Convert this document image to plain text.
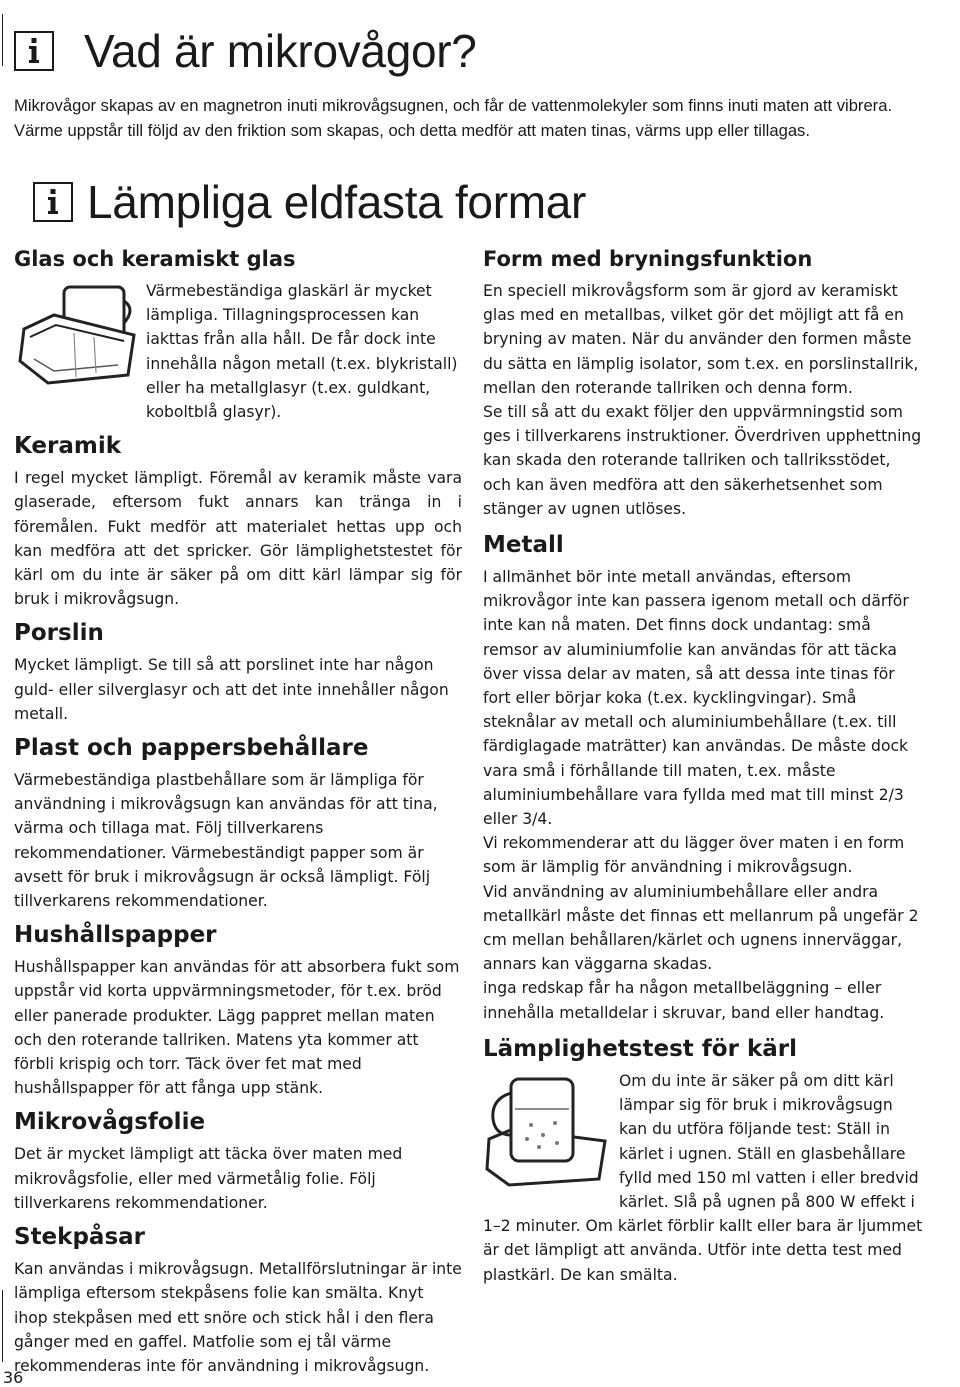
Vad är mikrovågor?
Mikrovågor skapas av en magnetron inuti mikrovågsugnen, och får de vattenmolekyler som finns inuti maten att vibrera. Värme uppstår till följd av den friktion som skapas, och detta medför att maten tinas, värms upp eller tillagas.
Lämpliga eldfasta formar
Glas och keramiskt glas

Värmebeständiga glaskärl är mycket lämpliga. Tillagningsprocessen kan iakttas från alla håll. De får dock inte innehålla någon metall (t.ex. blykristall) eller ha metallglasyr (t.ex. guldkant, koboltblå glasyr).

Keramik

I regel mycket lämpligt. Föremål av keramik måste vara glaserade, eftersom fukt annars kan tränga in i föremålen. Fukt medför att materialet hettas upp och kan medföra att det spricker. Gör lämplighetstestet för kärl om du inte är säker på om ditt kärl lämpar sig för bruk i mikrovågsugn.

Porslin

Mycket lämpligt. Se till så att porslinet inte har någon guld- eller silverglasyr och att det inte innehåller någon metall.

Plast och pappersbehållare

Värmebeständiga plastbehållare som är lämpliga för användning i mikrovågsugn kan användas för att tina, värma och tillaga mat. Följ tillverkarens rekommendationer. Värmebeständigt papper som är avsett för bruk i mikrovågsugn är också lämpligt. Följ tillverkarens rekommendationer.

Hushållspapper

Hushållspapper kan användas för att absorbera fukt som uppstår vid korta uppvärmningsmetoder, för t.ex. bröd eller panerade produkter. Lägg pappret mellan maten och den roterande tallriken. Matens yta kommer att förbli krispig och torr. Täck över fet mat med hushållspapper för att fånga upp stänk.

Mikrovågsfolie

Det är mycket lämpligt att täcka över maten med mikrovågsfolie, eller med värmetålig folie. Följ tillverkarens rekommendationer.

Stekpåsar

Kan användas i mikrovågsugn. Metallförslutningar är inte lämpliga eftersom stekpåsens folie kan smälta. Knyt ihop stekpåsen med ett snöre och stick hål i den flera gånger med en gaffel. Matfolie som ej tål värme rekommenderas inte för användning i mikrovågsugn.

Form med bryningsfunktion

En speciell mikrovågsform som är gjord av keramiskt glas med en metallbas, vilket gör det möjligt att få en bryning av maten. När du använder den formen måste du sätta en lämplig isolator, som t.ex. en porslinstallrik, mellan den roterande tallriken och denna form.

Se till så att du exakt följer den uppvärmningstid som ges i tillverkarens instruktioner. Överdriven upphettning kan skada den roterande tallriken och tallriksstödet, och kan även medföra att den säkerhetsenhet som stänger av ugnen utlöses.

Metall

I allmänhet bör inte metall användas, eftersom mikrovågor inte kan passera igenom metall och därför inte kan nå maten. Det finns dock undantag: små remsor av aluminiumfolie kan användas för att täcka över vissa delar av maten, så att dessa inte tinas för fort eller börjar koka (t.ex. kycklingvingar). Små steknålar av metall och aluminiumbehållare (t.ex. till färdiglagade maträtter) kan användas. De måste dock vara små i förhållande till maten, t.ex. måste aluminiumbehållare vara fyllda med mat till minst 2/3 eller 3/4.

Vi rekommenderar att du lägger över maten i en form som är lämplig för användning i mikrovågsugn.

Vid användning av aluminiumbehållare eller andra metallkärl måste det finnas ett mellanrum på ungefär 2 cm mellan behållaren/kärlet och ugnens innerväggar, annars kan väggarna skadas.

inga redskap får ha någon metallbeläggning – eller innehålla metalldelar i skruvar, band eller handtag.

Lämplighetstest för kärl

Om du inte är säker på om ditt kärl lämpar sig för bruk i mikrovågsugn kan du utföra följande test: Ställ in kärlet i ugnen. Ställ en glasbehållare fylld med 150 ml vatten i eller bredvid kärlet. Slå på ugnen på 800 W effekt i 1–2 minuter. Om kärlet förblir kallt eller bara är ljummet är det lämpligt att använda. Utför inte detta test med plastkärl. De kan smälta.

36
